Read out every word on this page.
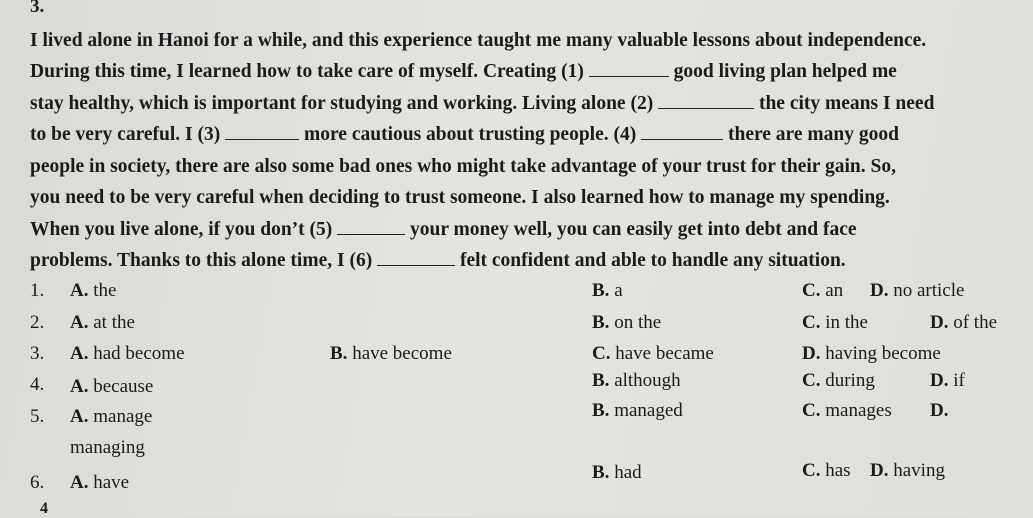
3.
I lived alone in Hanoi for a while, and this experience taught me many valuable lessons about independence.
During this time, I learned how to take care of myself. Creating (1)	good living plan helped me
stay healthy, which is important for studying and working. Living alone (2)	the city means I need
to be very careful. I (3)	more cautious about trusting people. (4)	there are many good
people in society, there are also some bad ones who might take advantage of your trust for their gain. So,
you need to be very careful when deciding to trust someone. I also learned how to manage my spending.
When you live alone, if you don’t (5)	your money well, you can easily get into debt and face
problems. Thanks to this alone time, I (6)	felt confident and able to handle any situation.
1. A. the	B. a	C. an D. no article
2. A. at the	B. on the	C. in the	D. of the
3. A. had become	B. have become	C. have became	D. having become
4. A. because	B. although	C. during	D. if
5. A. manage	B. managed	C. manages D.
managing
6. A. have	B. had	C. has D. having
4
